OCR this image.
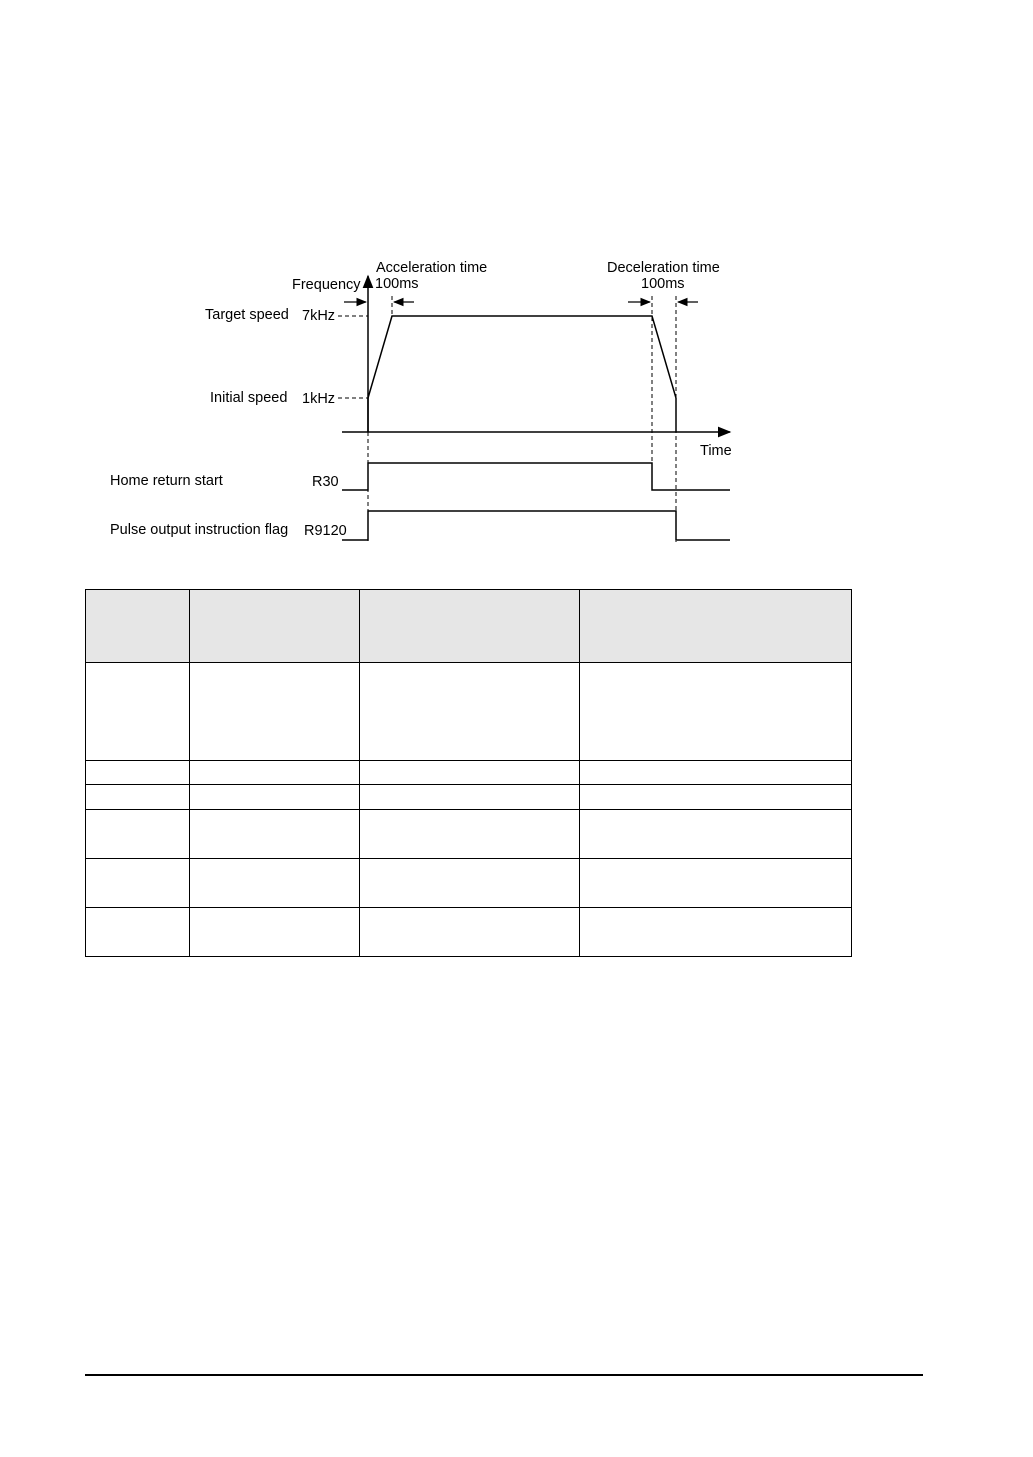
Frequency
Time
Target speed 7kHz
Initial speed 1kHz
Acceleration time
100ms
Deceleration time
100ms
Home return start	R30
Pulse output instruction flag R9120
